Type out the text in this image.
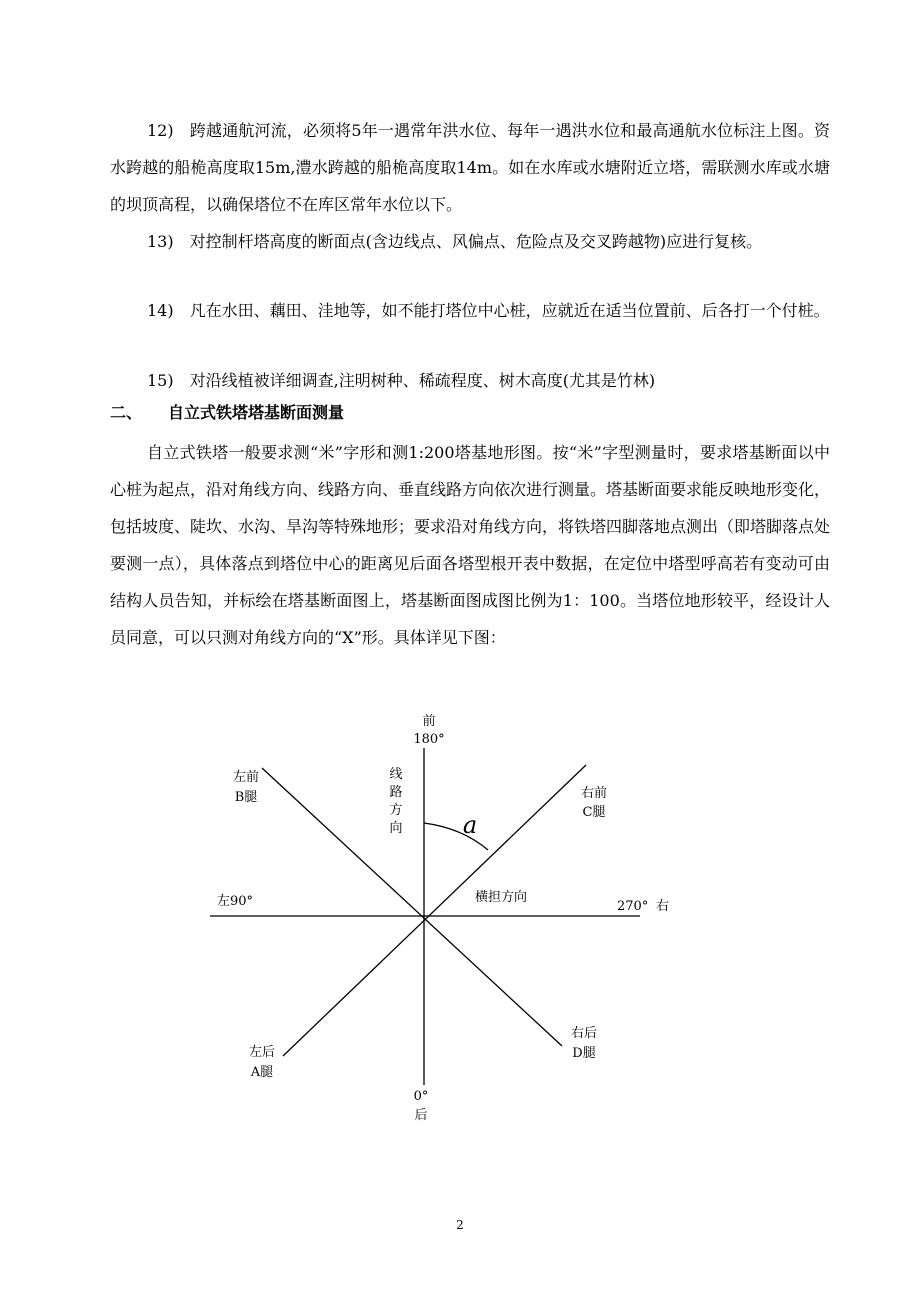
12)　跨越通航河流，必须将5年一遇常年洪水位、每年一遇洪水位和最高通航水位标注上图。资水跨越的船桅高度取15m,澧水跨越的船桅高度取14m。如在水库或水塘附近立塔，需联测水库或水塘的坝顶高程，以确保塔位不在库区常年水位以下。

13)　对控制杆塔高度的断面点(含边线点、风偏点、危险点及交叉跨越物)应进行复核。

14)　凡在水田、藕田、洼地等，如不能打塔位中心桩，应就近在适当位置前、后各打一个付桩。

15)　对沿线植被详细调查,注明树种、稀疏程度、树木高度(尤其是竹林)

二、 自立式铁塔塔基断面测量

自立式铁塔一般要求测“米”字形和测1:200塔基地形图。按“米”字型测量时，要求塔基断面以中心桩为起点，沿对角线方向、线路方向、垂直线路方向依次进行测量。塔基断面要求能反映地形变化，包括坡度、陡坎、水沟、旱沟等特殊地形；要求沿对角线方向，将铁塔四脚落地点测出（即塔脚落点处要测一点），具体落点到塔位中心的距离见后面各塔型根开表中数据，在定位中塔型呼高若有变动可由结构人员告知，并标绘在塔基断面图上，塔基断面图成图比例为1：100。当塔位地形较平，经设计人员同意，可以只测对角线方向的“X”形。具体详见下图：

前
180°
线
路
方
向	a
左前
B腿	右前
C腿
左90°	横担方向
270° 右
左后
A腿
右后
D腿
0°
后
2
